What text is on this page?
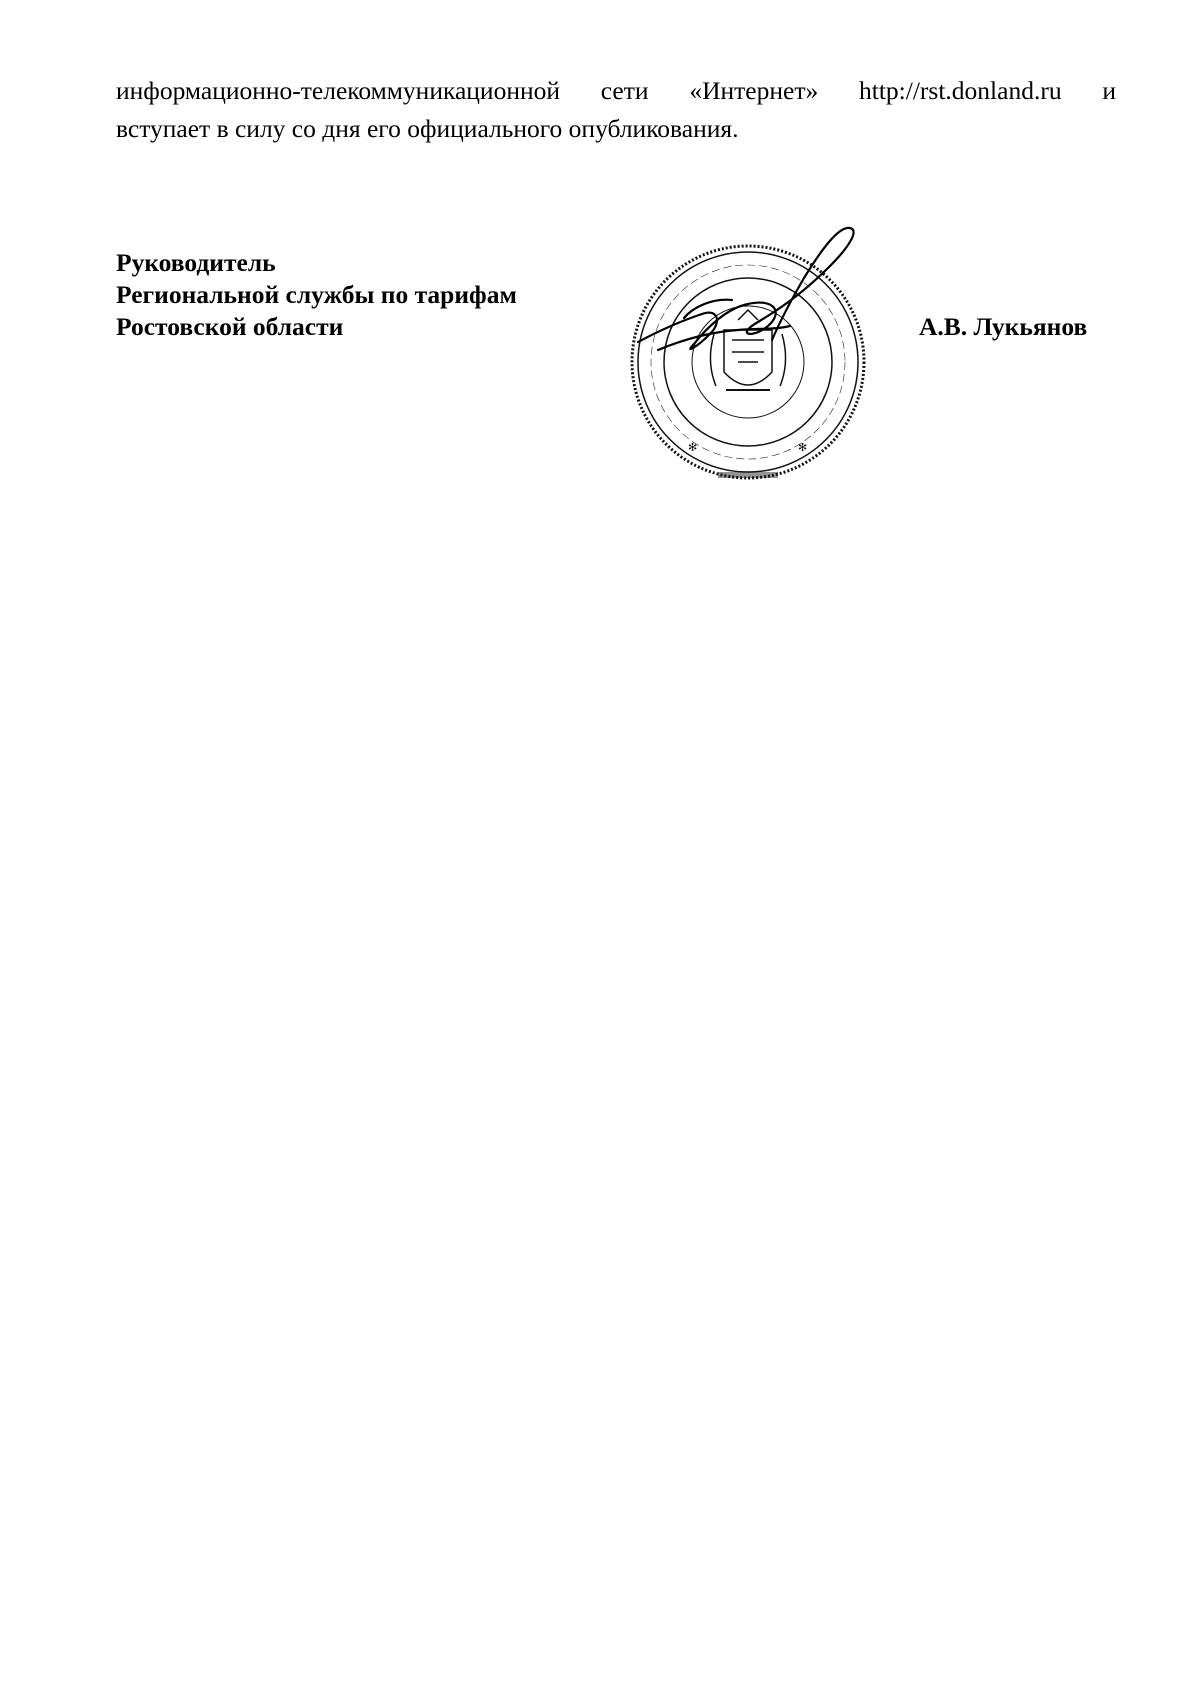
информационно-телекоммуникационной сети «Интернет» http://rst.donland.ru и
вступает в силу со дня его официального опубликования.
Руководитель
Региональной службы по тарифам
Ростовской области
✻	✻
А.В. Лукьянов
